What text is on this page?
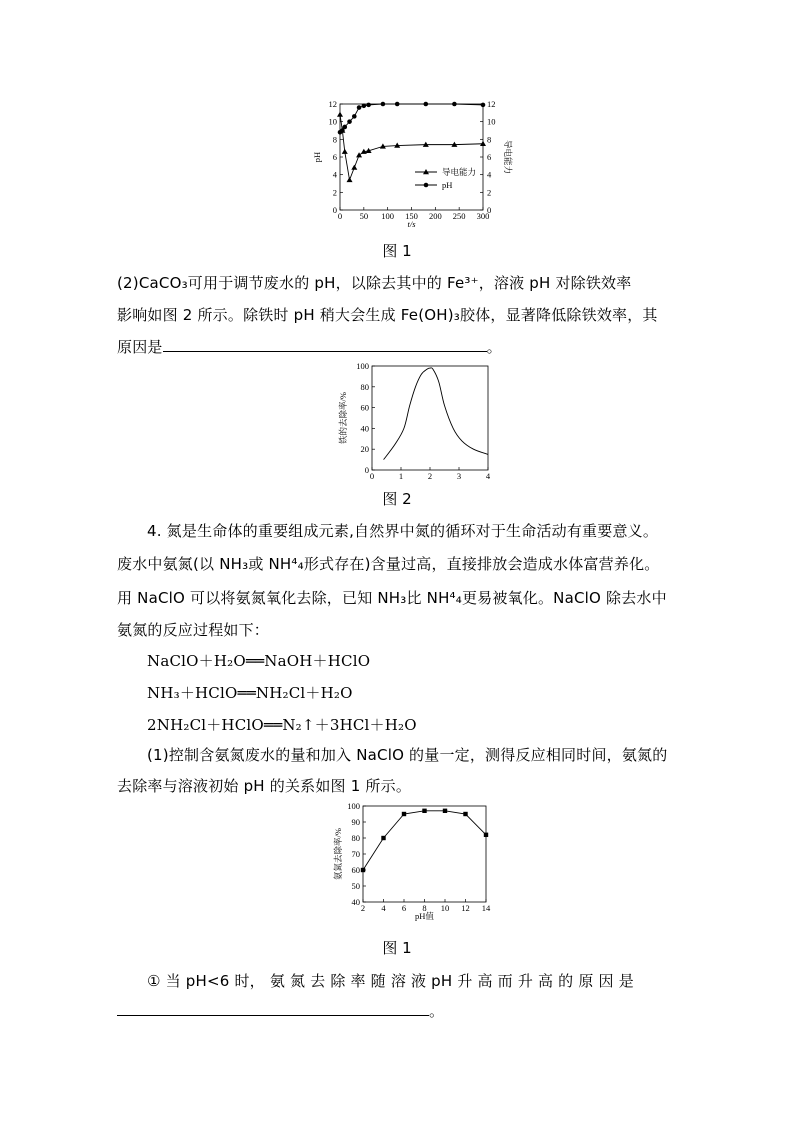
0 50 100 150 200 250 300
0
2
4
6
8
10
12
0
2
4
6
8
10
12
导电能力
pH
t/s
导电能力
pH
图 1
(2)CaCO₃可用于调节废水的 pH，以除去其中的 Fe³⁺，溶液 pH 对除铁效率
影响如图 2 所示。除铁时 pH 稍大会生成 Fe(OH)₃胶体，显著降低除铁效率，其
原因是	。
0	1	2	3	4
0
20
40
60
80
100
铁的去除率/%
图 2
4. 氮是生命体的重要组成元素,自然界中氮的循环对于生命活动有重要意义。
废水中氨氮(以 NH₃或 NH⁴₄形式存在)含量过高，直接排放会造成水体富营养化。
用 NaClO 可以将氨氮氧化去除，已知 NH₃比 NH⁴₄更易被氧化。NaClO 除去水中
氨氮的反应过程如下：
NaClO＋H₂O══NaOH＋HClO
NH₃＋HClO══NH₂Cl＋H₂O
2NH₂Cl＋HClO══N₂↑＋3HCl＋H₂O
(1)控制含氨氮废水的量和加入 NaClO 的量一定，测得反应相同时间，氨氮的
去除率与溶液初始 pH 的关系如图 1 所示。
2 4 6 8 10 12 14
40
50
60
70
80
90
100
氨氮去除率/%
pH值
图 1
① 当 pH<6 时， 氨 氮 去 除 率 随 溶 液 pH 升 高 而 升 高 的 原 因 是
。
